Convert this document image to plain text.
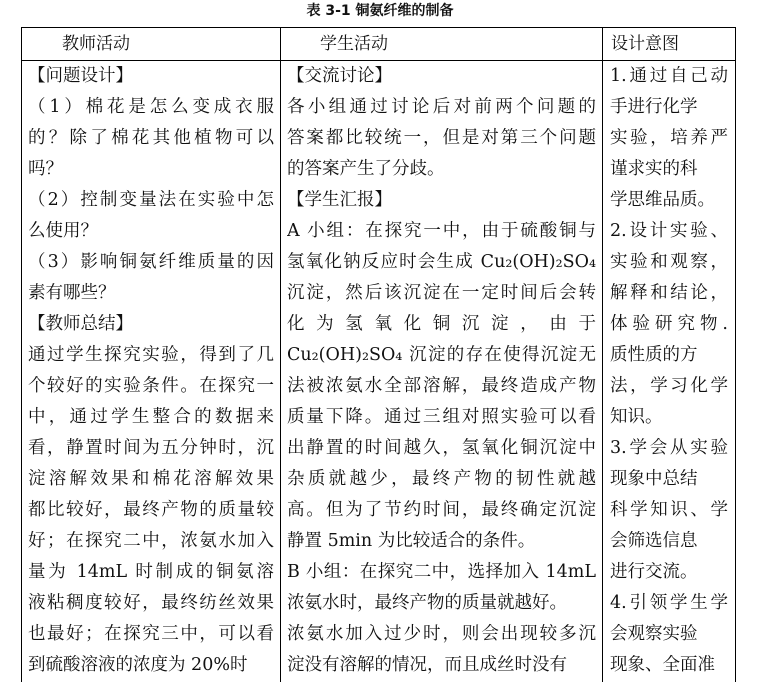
表 3-1 铜氨纤维的制备
教师活动	学生活动	设计意图

【问题设计】

（1）棉花是怎么变成衣服

的？除了棉花其他植物可以

吗？

（2）控制变量法在实验中怎

么使用？

（3）影响铜氨纤维质量的因

素有哪些？

【教师总结】

通过学生探究实验，得到了几

个较好的实验条件。在探究一

中，通过学生整合的数据来

看，静置时间为五分钟时，沉

淀溶解效果和棉花溶解效果

都比较好，最终产物的质量较

好；在探究二中，浓氨水加入

量为 14mL 时制成的铜氨溶

液粘稠度较好，最终纺丝效果

也最好；在探究三中，可以看

到硫酸溶液的浓度为 20%时

【交流讨论】

各小组通过讨论后对前两个问题的

答案都比较统一，但是对第三个问题

的答案产生了分歧。

【学生汇报】

A 小组：在探究一中，由于硫酸铜与

氢氧化钠反应时会生成 Cu₂(OH)₂SO₄

沉淀，然后该沉淀在一定时间后会转

化 为 氢 氧 化 铜 沉 淀 ， 由 于

Cu₂(OH)₂SO₄ 沉淀的存在使得沉淀无

法被浓氨水全部溶解，最终造成产物

质量下降。通过三组对照实验可以看

出静置的时间越久，氢氧化铜沉淀中

杂质就越少，最终产物的韧性就越

高。但为了节约时间，最终确定沉淀

静置 5min 为比较适合的条件。

B 小组：在探究二中，选择加入 14mL

浓氨水时，最终产物的质量就越好。

浓氨水加入过少时，则会出现较多沉

淀没有溶解的情况，而且成丝时没有

1.通过自己动

手进行化学

实验，培养严

谨求实的科

学思维品质。

2.设计实验、

实验和观察，

解释和结论，

体验研究物.

质性质的方

法，学习化学

知识。

3.学会从实验

现象中总结

科学知识、学

会筛选信息

进行交流。

4.引领学生学

会观察实验

现象、全面准
